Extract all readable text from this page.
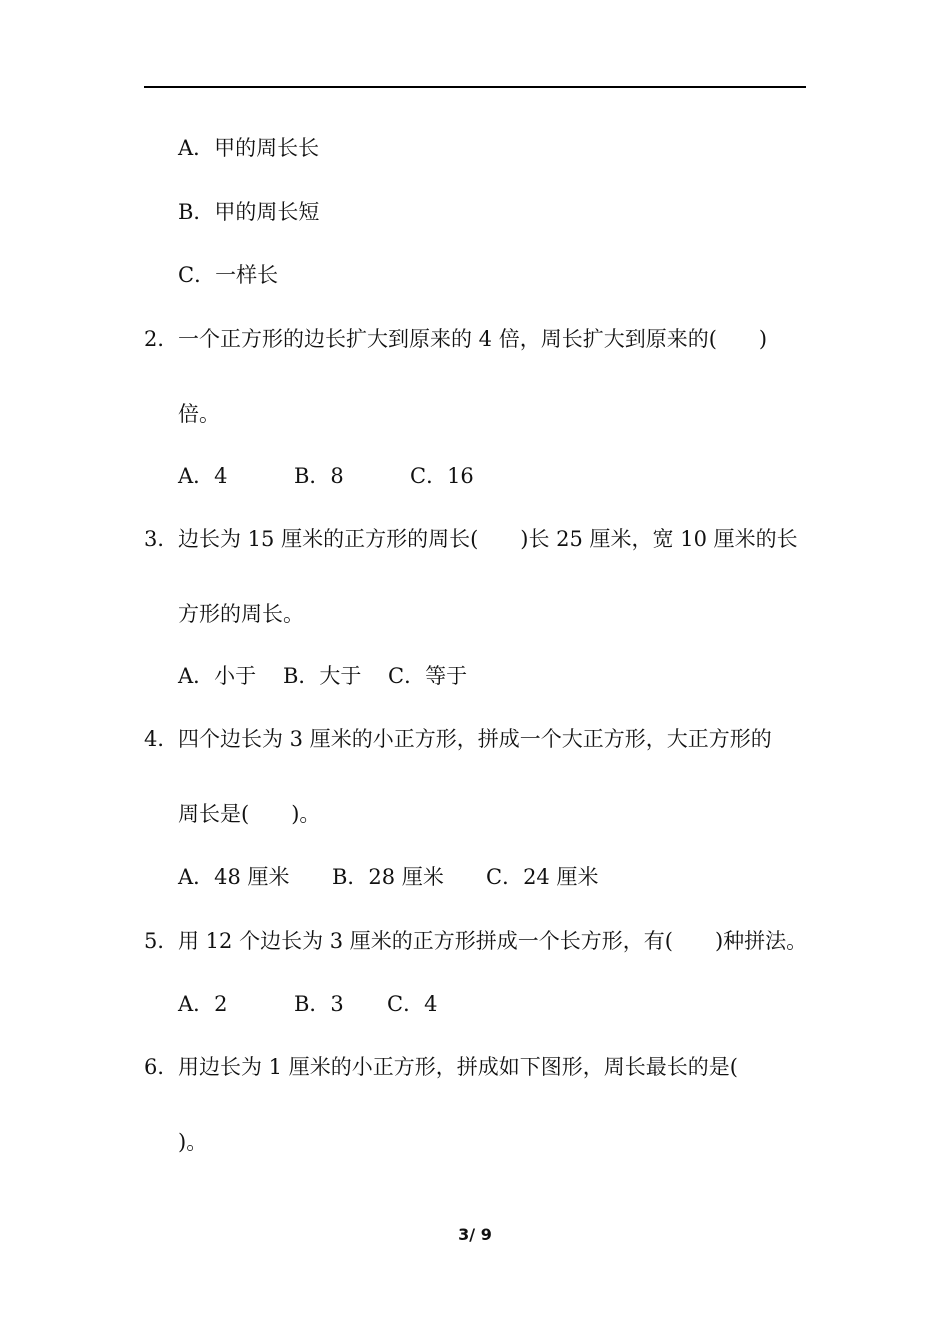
A．甲的周长长
B．甲的周长短
C．一样长
2． 一个正方形的边长扩大到原来的 4 倍，周长扩大到原来的(　　)
倍。
A．4	B．8	C．16
3． 边长为 15 厘米的正方形的周长(　　)长 25 厘米，宽 10 厘米的长
方形的周长。
A．小于	B．大于	C．等于
4． 四个边长为 3 厘米的小正方形，拼成一个大正方形，大正方形的
周长是(　　)。
A．48 厘米	B．28 厘米	C．24 厘米
5． 用 12 个边长为 3 厘米的正方形拼成一个长方形，有(　　)种拼法。
A．2	B．3	C．4
6． 用边长为 1 厘米的小正方形，拼成如下图形，周长最长的是(
)。
3/ 9
